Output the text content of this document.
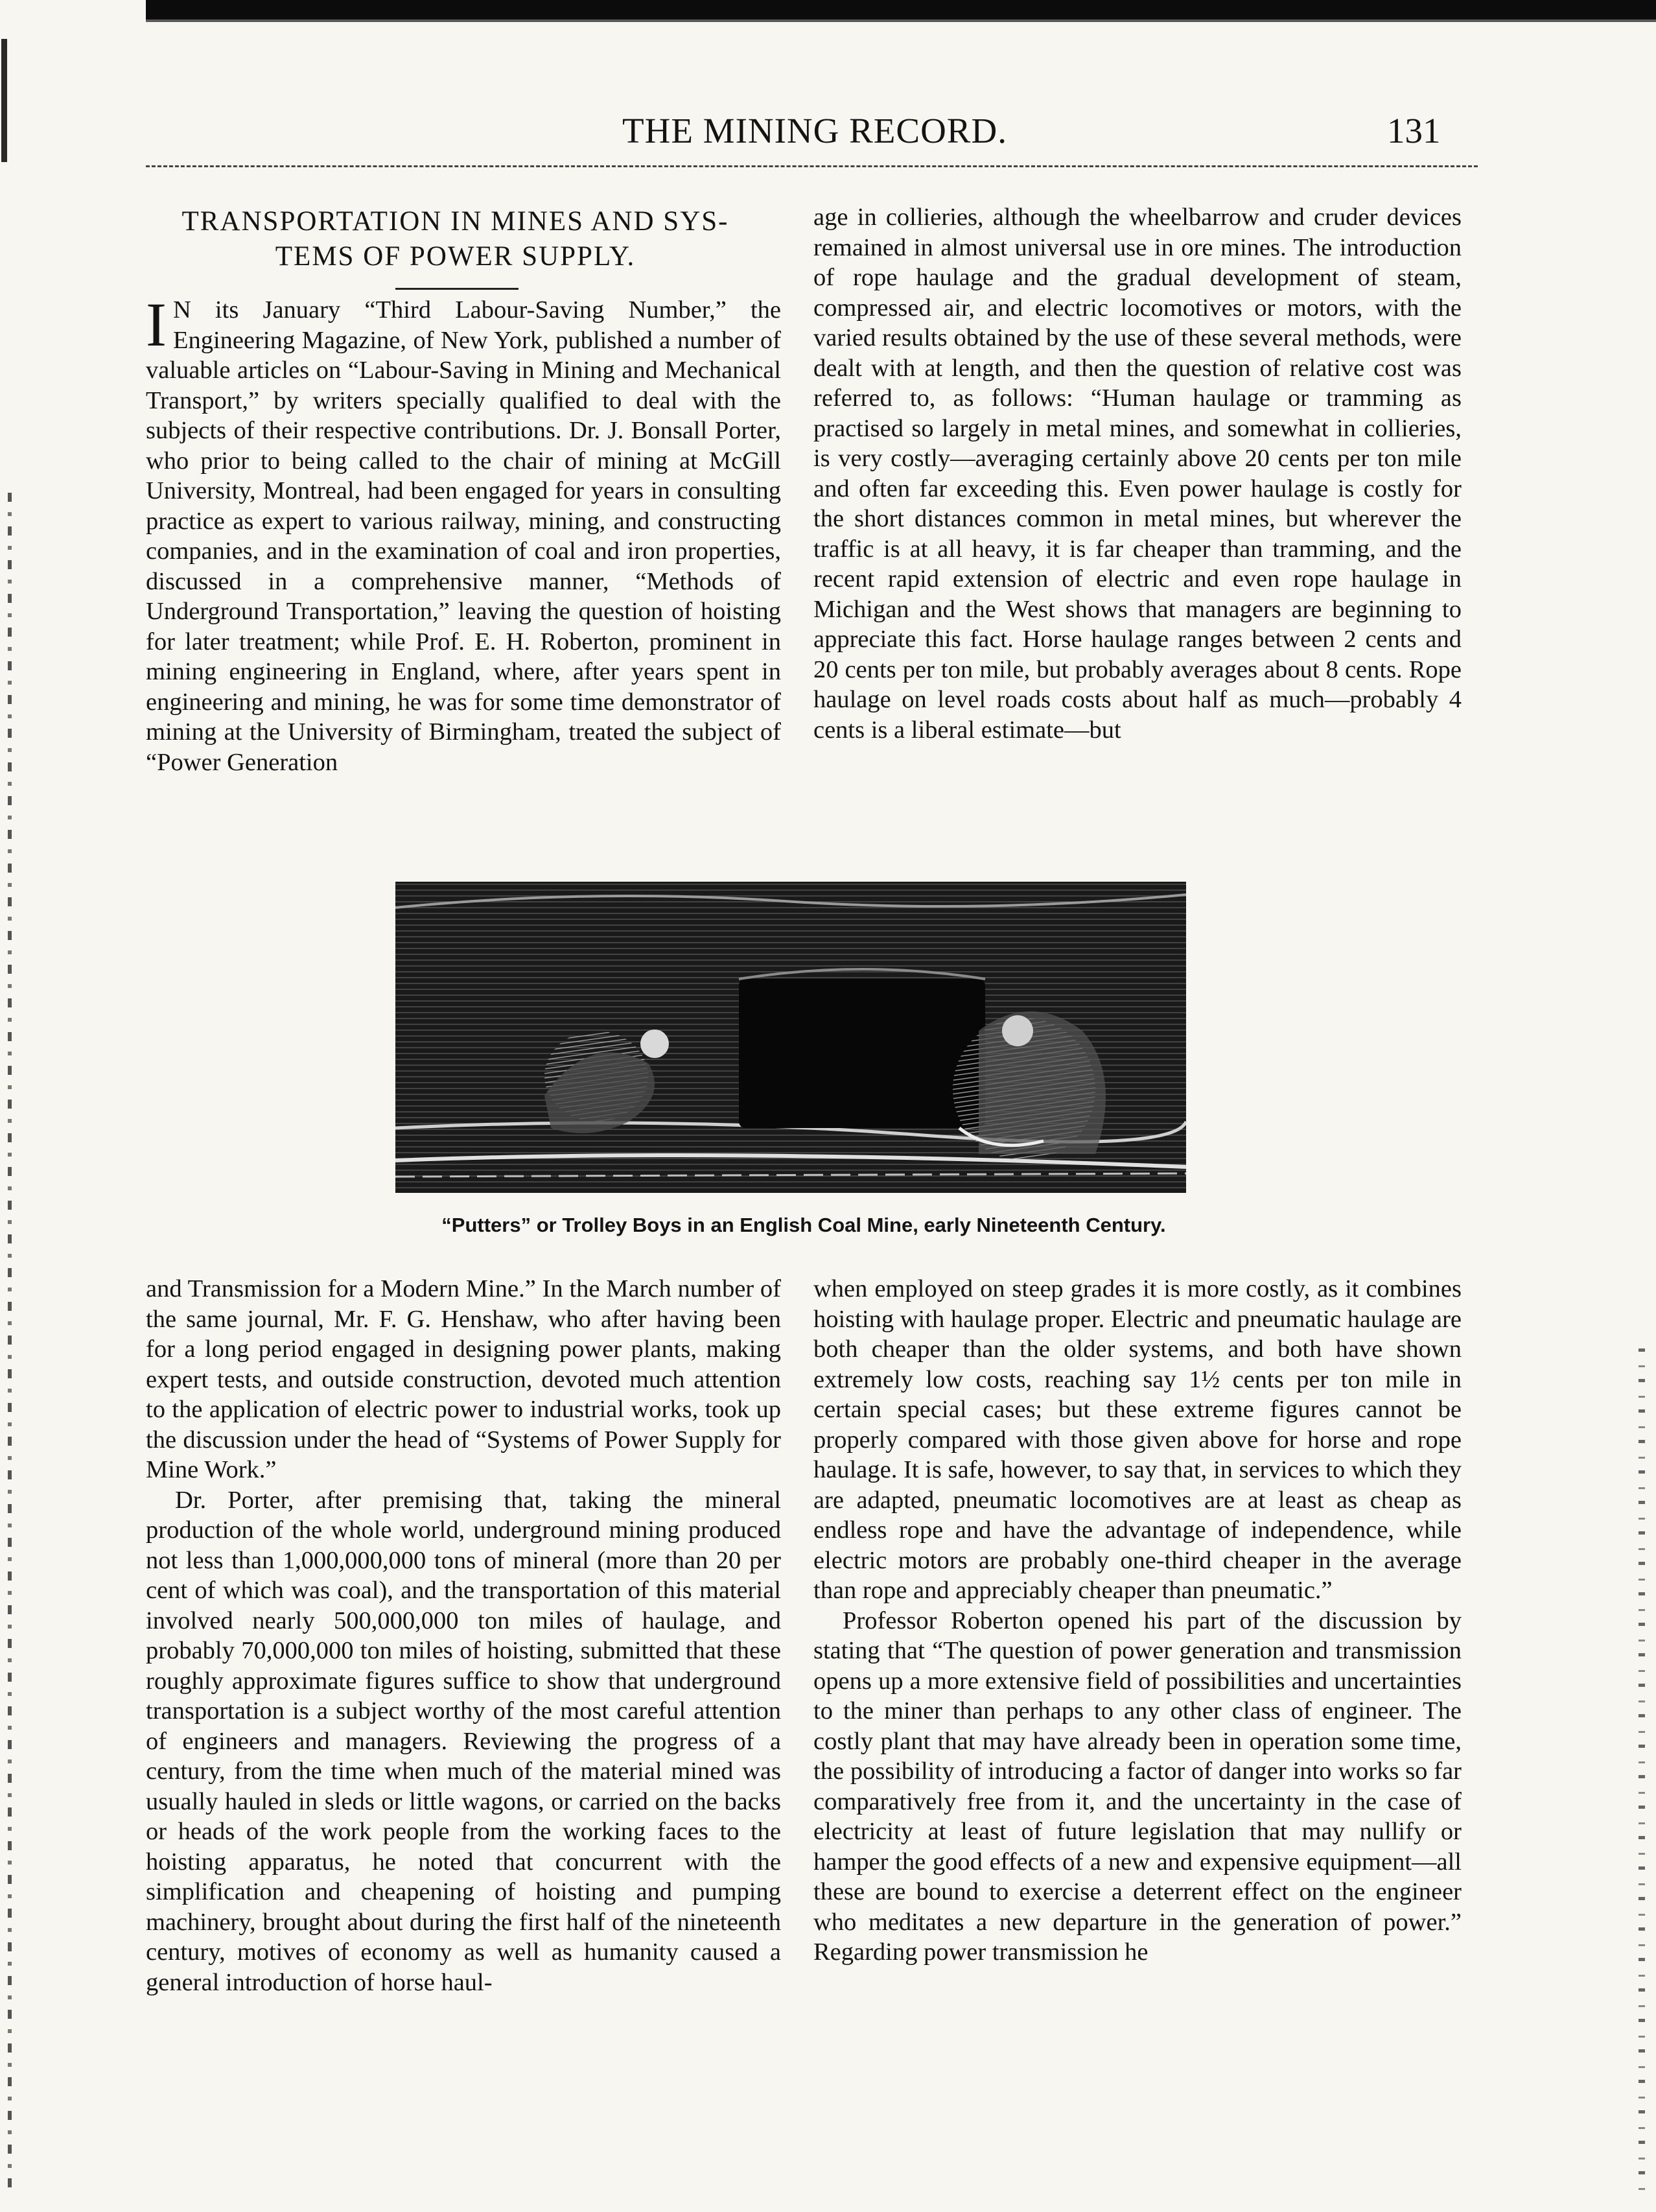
THE MINING RECORD.	131
TRANSPORTATION IN MINES AND SYS-
TEMS OF POWER SUPPLY.

I N its January “Third Labour-Saving Number,” the Engineering Magazine, of New York, published a number of valuable articles on “Labour-Saving in Mining and Mechanical Transport,” by writers specially qualified to deal with the subjects of their respective contributions. Dr. J. Bonsall Porter, who prior to being called to the chair of mining at McGill University, Montreal, had been engaged for years in consulting practice as expert to various railway, mining, and constructing companies, and in the examination of coal and iron properties, discussed in a comprehensive manner, “Methods of Underground Transportation,” leaving the question of hoisting for later treatment; while Prof. E. H. Roberton, prominent in mining engineering in England, where, after years spent in engineering and mining, he was for some time demonstrator of mining at the University of Birmingham, treated the subject of “Power Generation

age in collieries, although the wheelbarrow and cruder devices remained in almost universal use in ore mines. The introduction of rope haulage and the gradual development of steam, compressed air, and electric locomotives or motors, with the varied results obtained by the use of these several methods, were dealt with at length, and then the question of relative cost was referred to, as follows: “Human haulage or tramming as practised so largely in metal mines, and somewhat in collieries, is very costly—averaging certainly above 20 cents per ton mile and often far exceeding this. Even power haulage is costly for the short distances common in metal mines, but wherever the traffic is at all heavy, it is far cheaper than tramming, and the recent rapid extension of electric and even rope haulage in Michigan and the West shows that managers are beginning to appreciate this fact. Horse haulage ranges between 2 cents and 20 cents per ton mile, but probably averages about 8 cents. Rope haulage on level roads costs about half as much—probably 4 cents is a liberal estimate—but

“Putters” or Trolley Boys in an English Coal Mine, early Nineteenth Century.

and Transmission for a Modern Mine.” In the March number of the same journal, Mr. F. G. Henshaw, who after having been for a long period engaged in designing power plants, making expert tests, and outside construction, devoted much attention to the application of electric power to industrial works, took up the discussion under the head of “Systems of Power Supply for Mine Work.”

Dr. Porter, after premising that, taking the mineral production of the whole world, underground mining produced not less than 1,000,000,000 tons of mineral (more than 20 per cent of which was coal), and the transportation of this material involved nearly 500,000,000 ton miles of haulage, and probably 70,000,000 ton miles of hoisting, submitted that these roughly approximate figures suffice to show that underground transportation is a subject worthy of the most careful attention of engineers and managers. Reviewing the progress of a century, from the time when much of the material mined was usually hauled in sleds or little wagons, or carried on the backs or heads of the work people from the working faces to the hoisting apparatus, he noted that concurrent with the simplification and cheapening of hoisting and pumping machinery, brought about during the first half of the nineteenth century, motives of economy as well as humanity caused a general introduction of horse haul-

when employed on steep grades it is more costly, as it combines hoisting with haulage proper. Electric and pneumatic haulage are both cheaper than the older systems, and both have shown extremely low costs, reaching say 1½ cents per ton mile in certain special cases; but these extreme figures cannot be properly compared with those given above for horse and rope haulage. It is safe, however, to say that, in services to which they are adapted, pneumatic locomotives are at least as cheap as endless rope and have the advantage of independence, while electric motors are probably one-third cheaper in the average than rope and appreciably cheaper than pneumatic.”

Professor Roberton opened his part of the discussion by stating that “The question of power generation and transmission opens up a more extensive field of possibilities and uncertainties to the miner than perhaps to any other class of engineer. The costly plant that may have already been in operation some time, the possibility of introducing a factor of danger into works so far comparatively free from it, and the uncertainty in the case of electricity at least of future legislation that may nullify or hamper the good effects of a new and expensive equipment—all these are bound to exercise a deterrent effect on the engineer who meditates a new departure in the generation of power.” Regarding power transmission he
